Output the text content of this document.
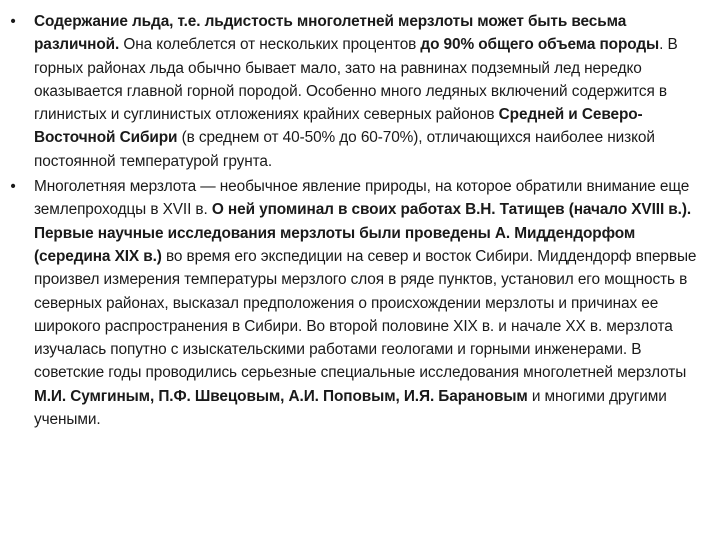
• Содержание льда, т.е. льдистость многолетней мерзлоты может быть весьма различной. Она колеблется от нескольких процентов до 90% общего объема породы. В горных районах льда обычно бывает мало, зато на равнинах подземный лед нередко оказывается главной горной породой. Особенно много ледяных включений содержится в глинистых и суглинистых отложениях крайних северных районов Средней и Северо-Восточной Сибири (в среднем от 40-50% до 60-70%), отличающихся наиболее низкой постоянной температурой грунта.
• Многолетняя мерзлота — необычное явление природы, на которое обратили внимание еще землепроходцы в XVII в. О ней упоминал в своих работах В.Н. Татищев (начало XVIII в.). Первые научные исследования мерзлоты были проведены А. Миддендорфом (середина XIX в.) во время его экспедиции на север и восток Сибири. Миддендорф впервые произвел измерения температуры мерзлого слоя в ряде пунктов, установил его мощность в северных районах, высказал предположения о происхождении мерзлоты и причинах ее широкого распространения в Сибири. Во второй половине XIX в. и начале XX в. мерзлота изучалась попутно с изыскательскими работами геологами и горными инженерами. В советские годы проводились серьезные специальные исследования многолетней мерзлоты М.И. Сумгиным, П.Ф. Швецовым, А.И. Поповым, И.Я. Барановым и многими другими учеными.
